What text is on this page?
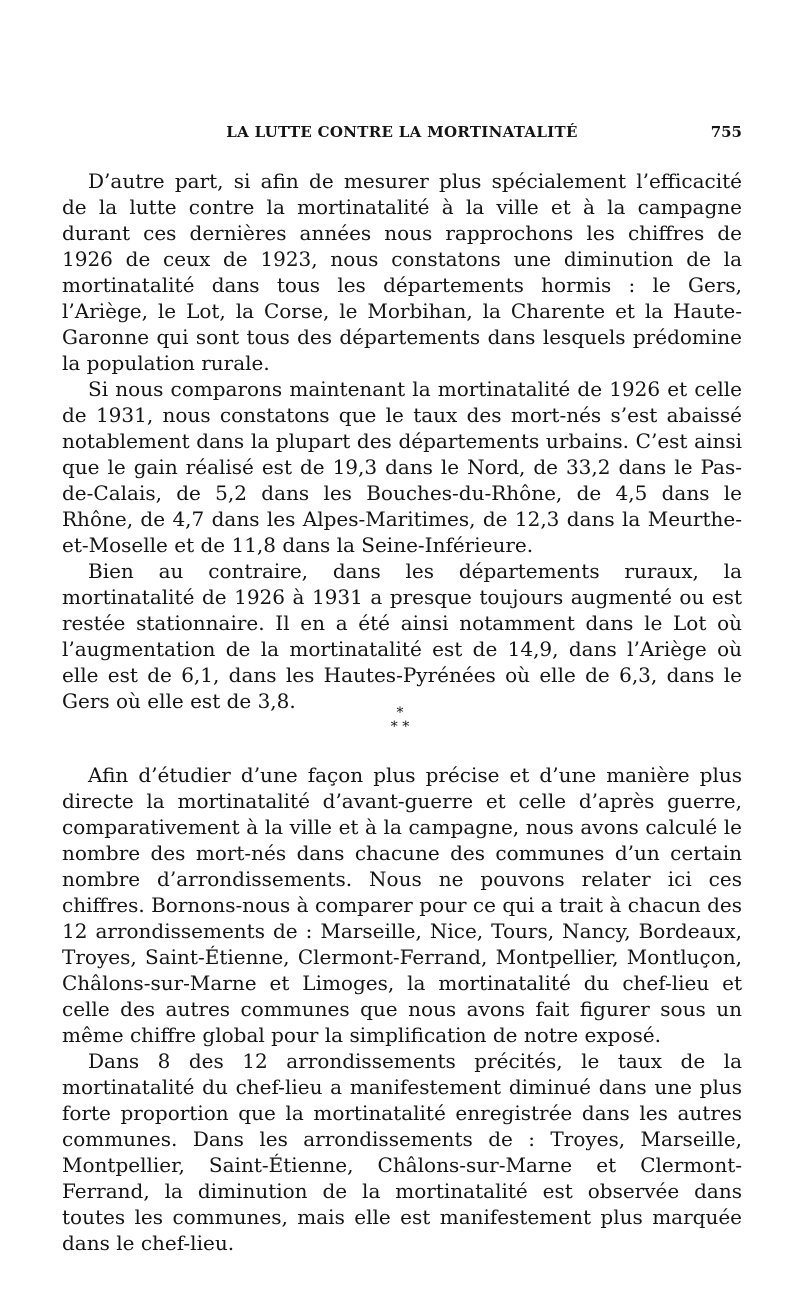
LA LUTTE CONTRE LA MORTINATALITÉ	755

D’autre part, si afin de mesurer plus spécialement l’efficacité de la lutte contre la mortinatalité à la ville et à la campagne durant ces dernières années nous rapprochons les chiffres de 1926 de ceux de 1923, nous constatons une diminution de la mortinatalité dans tous les départements hormis : le Gers, l’Ariège, le Lot, la Corse, le Morbihan, la Charente et la Haute-Garonne qui sont tous des départements dans lesquels prédomine la population rurale.

Si nous comparons maintenant la mortinatalité de 1926 et celle de 1931, nous constatons que le taux des mort-nés s’est abaissé notablement dans la plupart des départements urbains. C’est ainsi que le gain réalisé est de 19,3 dans le Nord, de 33,2 dans le Pas-de-Calais, de 5,2 dans les Bouches-du-Rhône, de 4,5 dans le Rhône, de 4,7 dans les Alpes-Maritimes, de 12,3 dans la Meurthe-et-Moselle et de 11,8 dans la Seine-Inférieure.

Bien au contraire, dans les départements ruraux, la mortinatalité de 1926 à 1931 a presque toujours augmenté ou est restée stationnaire. Il en a été ainsi notamment dans le Lot où l’augmentation de la mortinatalité est de 14,9, dans l’Ariège où elle est de 6,1, dans les Hautes-Pyrénées où elle de 6,3, dans le Gers où elle est de 3,8.	*
* *

Afin d’étudier d’une façon plus précise et d’une manière plus directe la mortinatalité d’avant-guerre et celle d’après guerre, comparativement à la ville et à la campagne, nous avons calculé le nombre des mort-nés dans chacune des communes d’un certain nombre d’arrondissements. Nous ne pouvons relater ici ces chiffres. Bornons-nous à comparer pour ce qui a trait à chacun des 12 arrondissements de : Marseille, Nice, Tours, Nancy, Bordeaux, Troyes, Saint-Étienne, Clermont-Ferrand, Montpellier, Montluçon, Châlons-sur-Marne et Limoges, la mortinatalité du chef-lieu et celle des autres communes que nous avons fait figurer sous un même chiffre global pour la simplification de notre exposé.

Dans 8 des 12 arrondissements précités, le taux de la mortinatalité du chef-lieu a manifestement diminué dans une plus forte proportion que la mortinatalité enregistrée dans les autres communes. Dans les arrondissements de : Troyes, Marseille, Montpellier, Saint-Étienne, Châlons-sur-Marne et Clermont-Ferrand, la diminution de la mortinatalité est observée dans toutes les communes, mais elle est manifestement plus marquée dans le chef-lieu.
